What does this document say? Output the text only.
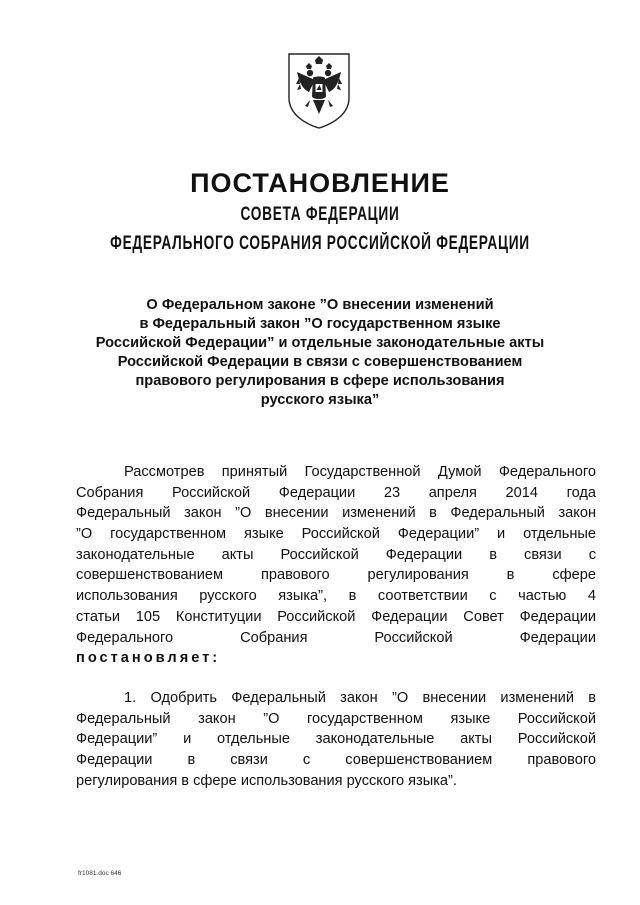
ПОСТАНОВЛЕНИЕ
СОВЕТА ФЕДЕРАЦИИ
ФЕДЕРАЛЬНОГО СОБРАНИЯ РОССИЙСКОЙ ФЕДЕРАЦИИ
О Федеральном законе ”О внесении изменений
в Федеральный закон ”О государственном языке
Российской Федерации” и отдельные законодательные акты
Российской Федерации в связи с совершенствованием
правового регулирования в сфере использования
русского языка”
Рассмотрев принятый Государственной Думой Федерального
Собрания Российской Федерации 23 апреля 2014 года
Федеральный закон ”О внесении изменений в Федеральный закон
”О государственном языке Российской Федерации” и отдельные
законодательные акты Российской Федерации в связи с
совершенствованием правового регулирования в сфере
использования русского языка”, в соответствии с частью 4
статьи 105 Конституции Российской Федерации Совет Федерации
Федерального Собрания Российской Федерации
постановляет:
1. Одобрить Федеральный закон ”О внесении изменений в
Федеральный закон ”О государственном языке Российской
Федерации” и отдельные законодательные акты Российской
Федерации в связи с совершенствованием правового
регулирования в сфере использования русского языка”.
fr1081.doc 646
